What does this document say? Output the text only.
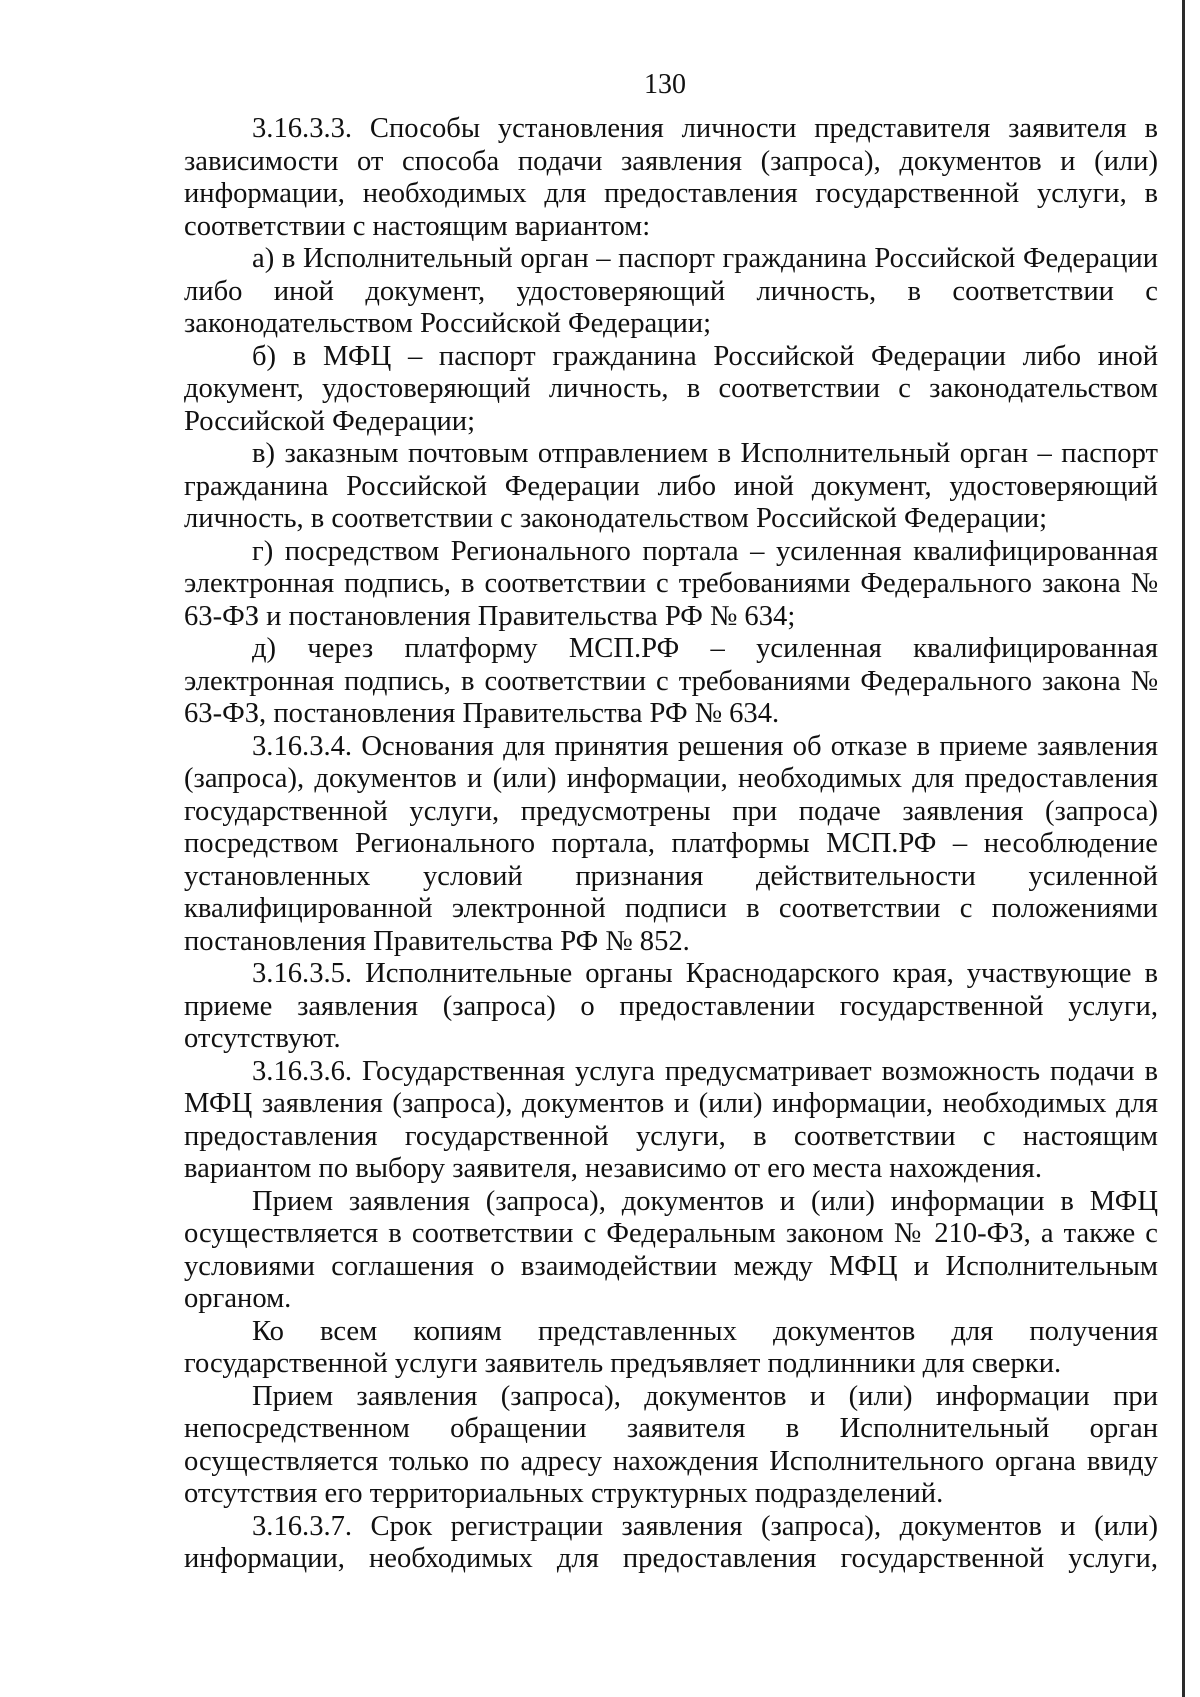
130

3.16.3.3. Способы установления личности представителя заявителя в зависимости от способа подачи заявления (запроса), документов и (или) информации, необходимых для предоставления государственной услуги, в соответствии с настоящим вариантом:

а) в Исполнительный орган – паспорт гражданина Российской Федерации либо иной документ, удостоверяющий личность, в соответствии с законодательством Российской Федерации;

б) в МФЦ – паспорт гражданина Российской Федерации либо иной документ, удостоверяющий личность, в соответствии с законодательством Российской Федерации;

в) заказным почтовым отправлением в Исполнительный орган – паспорт гражданина Российской Федерации либо иной документ, удостоверяющий личность, в соответствии с законодательством Российской Федерации;

г) посредством Регионального портала – усиленная квалифицированная электронная подпись, в соответствии с требованиями Федерального закона № 63-ФЗ и постановления Правительства РФ № 634;

д) через платформу МСП.РФ – усиленная квалифицированная электронная подпись, в соответствии с требованиями Федерального закона № 63-ФЗ, постановления Правительства РФ № 634.

3.16.3.4. Основания для принятия решения об отказе в приеме заявления (запроса), документов и (или) информации, необходимых для предоставления государственной услуги, предусмотрены при подаче заявления (запроса) посредством Регионального портала, платформы МСП.РФ – несоблюдение установленных условий признания действительности усиленной квалифицированной электронной подписи в соответствии с положениями постановления Правительства РФ № 852.

3.16.3.5. Исполнительные органы Краснодарского края, участвующие в приеме заявления (запроса) о предоставлении государственной услуги, отсутствуют.

3.16.3.6. Государственная услуга предусматривает возможность подачи в МФЦ заявления (запроса), документов и (или) информации, необходимых для предоставления государственной услуги, в соответствии с настоящим вариантом по выбору заявителя, независимо от его места нахождения.

Прием заявления (запроса), документов и (или) информации в МФЦ осуществляется в соответствии с Федеральным законом № 210-ФЗ, а также с условиями соглашения о взаимодействии между МФЦ и Исполнительным органом.

Ко всем копиям представленных документов для получения государственной услуги заявитель предъявляет подлинники для сверки.

Прием заявления (запроса), документов и (или) информации при непосредственном обращении заявителя в Исполнительный орган осуществляется только по адресу нахождения Исполнительного органа ввиду отсутствия его территориальных структурных подразделений.

3.16.3.7. Срок регистрации заявления (запроса), документов и (или) информации, необходимых для предоставления государственной услуги,
